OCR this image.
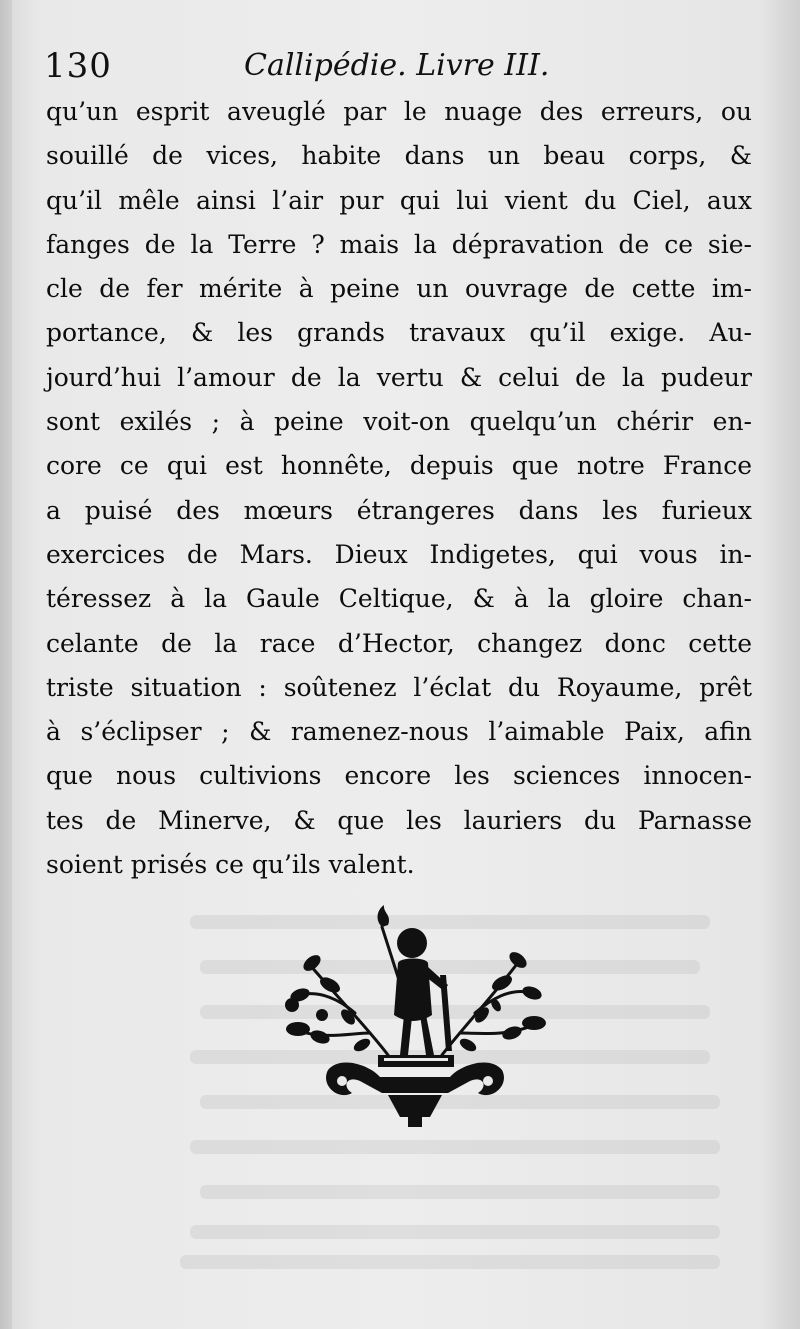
130	Callipédie. Livre III.
qu’un esprit aveuglé par le nuage des erreurs, ou
souillé de vices, habite dans un beau corps, &
qu’il mêle ainsi l’air pur qui lui vient du Ciel, aux
fanges de la Terre ? mais la dépravation de ce sie-
cle de fer mérite à peine un ouvrage de cette im-
portance, & les grands travaux qu’il exige. Au-
jourd’hui l’amour de la vertu & celui de la pudeur
sont exilés ; à peine voit-on quelqu’un chérir en-
core ce qui est honnête, depuis que notre France
a puisé des mœurs étrangeres dans les furieux
exercices de Mars. Dieux Indigetes, qui vous in-
téressez à la Gaule Celtique, & à la gloire chan-
celante de la race d’Hector, changez donc cette
triste situation : soûtenez l’éclat du Royaume, prêt
à s’éclipser ; & ramenez-nous l’aimable Paix, afin
que nous cultivions encore les sciences innocen-
tes de Minerve, & que les lauriers du Parnasse
soient prisés ce qu’ils valent.
